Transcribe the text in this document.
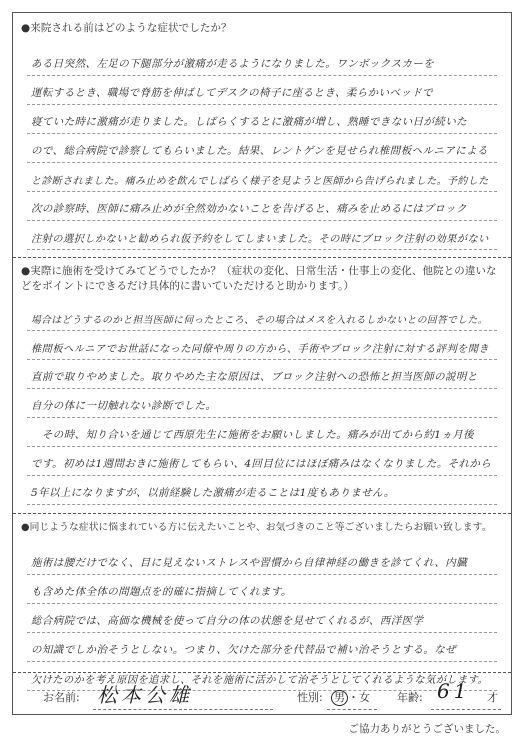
●来院される前はどのような症状でしたか？
ある日突然、左足の下腿部分が激痛が走るようになりました。ワンボックスカーを
運転するとき、職場で脊筋を伸ばしてデスクの椅子に座るとき、柔らかいベッドで
寝ていた時に激痛が走りました。しばらくするとに激痛が増し、熟睡できない日が続いた
ので、総合病院で診察してもらいました。結果、レントゲンを見せられ椎間板ヘルニアによる
と診断されました。痛み止めを飲んでしばらく様子を見ようと医師から告げられました。予約した
次の診察時、医師に痛み止めが全然効かないことを告げると、痛みを止めるにはブロック
注射の選択しかないと勧められ仮予約をしてしまいました。その時にブロック注射の効果がない
●実際に施術を受けてみてどうでしたか？（症状の変化、日常生活・仕事上の変化、他院との違いなどをポイントにできるだけ具体的に書いていただけると助かります。）
場合はどうするのかと担当医師に伺ったところ、その場合はメスを入れるしかないとの回答でした。
椎間板ヘルニアでお世話になった同僚や周りの方から、手術やブロック注射に対する評判を聞き
直前で取りやめました。取りやめた主な原因は、ブロック注射への恐怖と担当医師の説明と
自分の体に一切触れない診断でした。
　その時、知り合いを通じて西原先生に施術をお願いしました。痛みが出てから約1ヵ月後
です。初めは1週間おきに施術してもらい、4回目位にはほぼ痛みはなくなりました。それから
5年以上になりますが、以前経験した激痛が走ることは1度もありません。
●同じような症状に悩まれている方に伝えたいことや、お気づきのこと等ございましたらお願い致します。
施術は腰だけでなく、目に見えないストレスや習慣から自律神経の働きを診てくれ、内臓
も含めた体全体の問題点を的確に指摘してくれます。
総合病院では、高価な機械を使って自分の体の状態を見せてくれるが、西洋医学
の知識でしか治そうとしない。つまり、欠けた部分を代替品で補い治そうとする。なぜ
欠けたのかを考え原因を追求し、それを施術に活かして治そうとしてくれるような気がします。
お名前: 松本公雄	性別: 男 ・女 年齢: 61 才
ご協力ありがとうございました。
